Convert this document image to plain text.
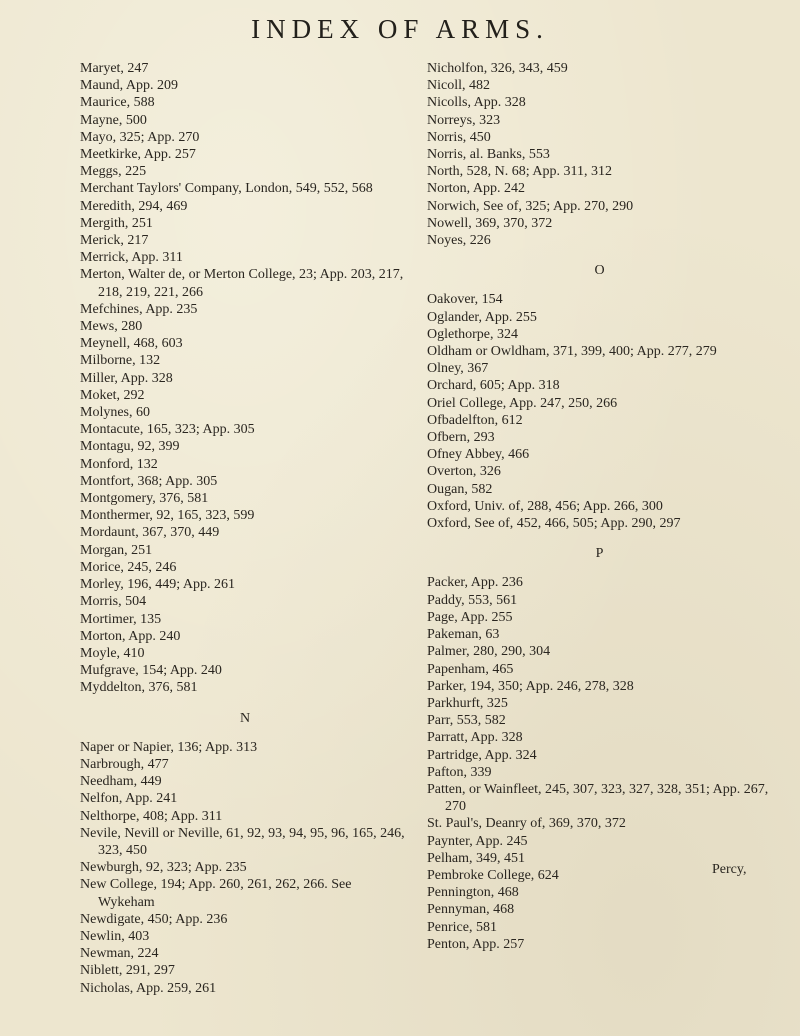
INDEX OF ARMS.
Maryet, 247
Maund, App. 209
Maurice, 588
Mayne, 500
Mayo, 325; App. 270
Meetkirke, App. 257
Meggs, 225
Merchant Taylors' Company, London, 549, 552, 568
Meredith, 294, 469
Mergith, 251
Merick, 217
Merrick, App. 311
Merton, Walter de, or Merton College, 23; App. 203, 217, 218, 219, 221, 266
Mefchines, App. 235
Mews, 280
Meynell, 468, 603
Milborne, 132
Miller, App. 328
Moket, 292
Molynes, 60
Montacute, 165, 323; App. 305
Montagu, 92, 399
Monford, 132
Montfort, 368; App. 305
Montgomery, 376, 581
Monthermer, 92, 165, 323, 599
Mordaunt, 367, 370, 449
Morgan, 251
Morice, 245, 246
Morley, 196, 449; App. 261
Morris, 504
Mortimer, 135
Morton, App. 240
Moyle, 410
Mufgrave, 154; App. 240
Myddelton, 376, 581
N
Naper or Napier, 136; App. 313
Narbrough, 477
Needham, 449
Nelfon, App. 241
Nelthorpe, 408; App. 311
Nevile, Nevill or Neville, 61, 92, 93, 94, 95, 96, 165, 246, 323, 450
Newburgh, 92, 323; App. 235
New College, 194; App. 260, 261, 262, 266. See Wykeham
Newdigate, 450; App. 236
Newlin, 403
Newman, 224
Niblett, 291, 297
Nicholas, App. 259, 261
Nicholfon, 326, 343, 459
Nicoll, 482
Nicolls, App. 328
Norreys, 323
Norris, 450
Norris, al. Banks, 553
North, 528, N. 68; App. 311, 312
Norton, App. 242
Norwich, See of, 325; App. 270, 290
Nowell, 369, 370, 372
Noyes, 226
O
Oakover, 154
Oglander, App. 255
Oglethorpe, 324
Oldham or Owldham, 371, 399, 400; App. 277, 279
Olney, 367
Orchard, 605; App. 318
Oriel College, App. 247, 250, 266
Ofbadelfton, 612
Ofbern, 293
Ofney Abbey, 466
Overton, 326
Ougan, 582
Oxford, Univ. of, 288, 456; App. 266, 300
Oxford, See of, 452, 466, 505; App. 290, 297
P
Packer, App. 236
Paddy, 553, 561
Page, App. 255
Pakeman, 63
Palmer, 280, 290, 304
Papenham, 465
Parker, 194, 350; App. 246, 278, 328
Parkhurft, 325
Parr, 553, 582
Parratt, App. 328
Partridge, App. 324
Pafton, 339
Patten, or Wainfleet, 245, 307, 323, 327, 328, 351; App. 267, 270
St. Paul's, Deanry of, 369, 370, 372
Paynter, App. 245
Pelham, 349, 451
Pembroke College, 624
Pennington, 468
Pennyman, 468
Penrice, 581
Penton, App. 257
Percy,
